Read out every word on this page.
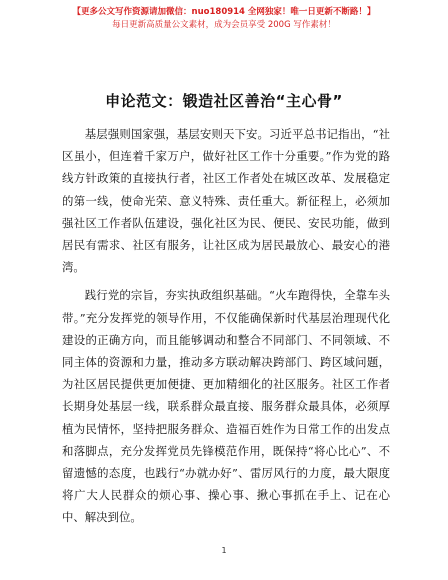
【更多公文写作资源请加微信：nuo180914 全网独家！唯一日更新不断路！】
每日更新高质量公文素材，成为会员享受 200G 写作素材！
申论范文：锻造社区善治“主心骨”

基层强则国家强，基层安则天下安。习近平总书记指出，“社区虽小，但连着千家万户，做好社区工作十分重要。”作为党的路线方针政策的直接执行者，社区工作者处在城区改革、发展稳定的第一线，使命光荣、意义特殊、责任重大。新征程上，必须加强社区工作者队伍建设，强化社区为民、便民、安民功能，做到居民有需求、社区有服务，让社区成为居民最放心、最安心的港湾。

践行党的宗旨，夯实执政组织基础。“火车跑得快，全靠车头带。”充分发挥党的领导作用，不仅能确保新时代基层治理现代化建设的正确方向，而且能够调动和整合不同部门、不同领域、不同主体的资源和力量，推动多方联动解决跨部门、跨区域问题，为社区居民提供更加便捷、更加精细化的社区服务。社区工作者长期身处基层一线，联系群众最直接、服务群众最具体，必须厚植为民情怀，坚持把服务群众、造福百姓作为日常工作的出发点和落脚点，充分发挥党员先锋模范作用，既保持“将心比心”、不留遗憾的态度，也践行“办就办好”、雷厉风行的力度，最大限度将广大人民群众的烦心事、操心事、揪心事抓在手上、记在心中、解决到位。

1
